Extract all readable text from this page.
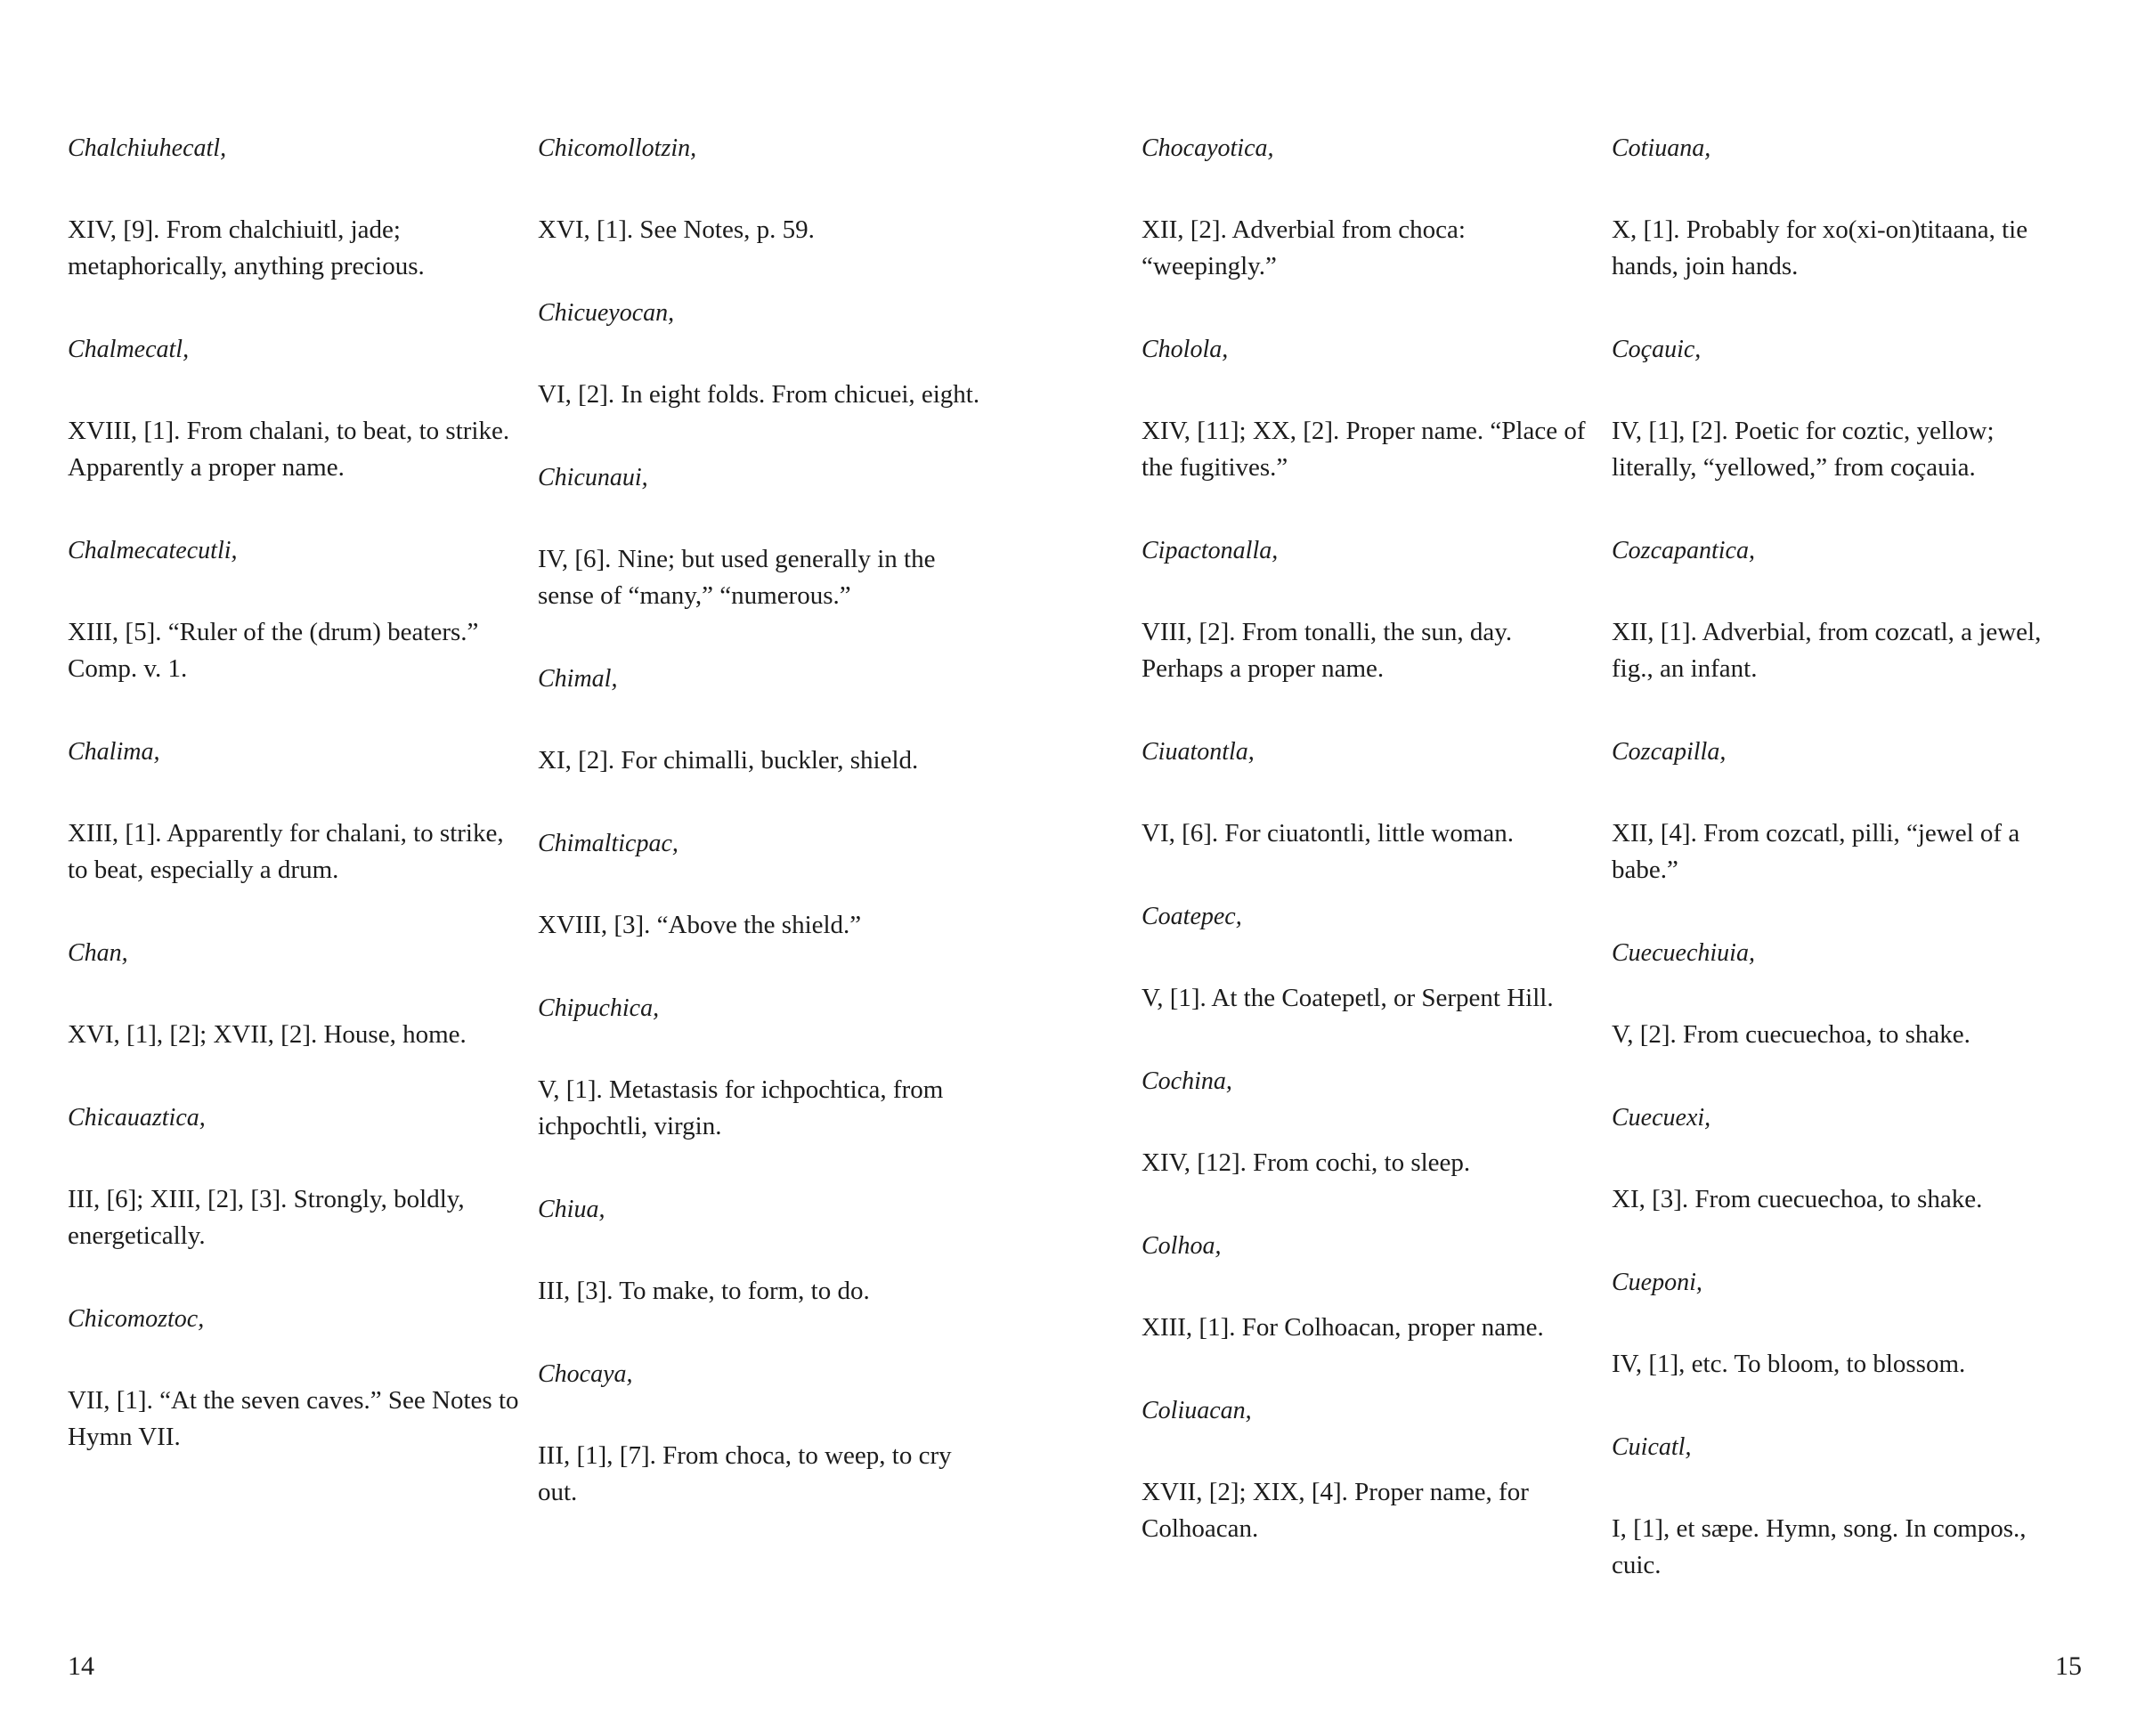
Chalchiuhecatl,

XIV, [9]. From chalchiuitl, jade; metaphorically, anything precious.

Chalmecatl,

XVIII, [1]. From chalani, to beat, to strike. Apparently a proper name.

Chalmecatecutli,

XIII, [5]. “Ruler of the (drum) beaters.” Comp. v. 1.

Chalima,

XIII, [1]. Apparently for chalani, to strike, to beat, especially a drum.

Chan,

XVI, [1], [2]; XVII, [2]. House, home.

Chicauaztica,

III, [6]; XIII, [2], [3]. Strongly, boldly, energetically.

Chicomoztoc,

VII, [1]. “At the seven caves.” See Notes to Hymn VII.

Chicomollotzin,

XVI, [1]. See Notes, p. 59.

Chicueyocan,

VI, [2]. In eight folds. From chicuei, eight.

Chicunaui,

IV, [6]. Nine; but used generally in the sense of “many,” “numerous.”

Chimal,

XI, [2]. For chimalli, buckler, shield.

Chimalticpac,

XVIII, [3]. “Above the shield.”

Chipuchica,

V, [1]. Metastasis for ichpochtica, from ichpochtli, virgin.

Chiua,

III, [3]. To make, to form, to do.

Chocaya,

III, [1], [7]. From choca, to weep, to cry out.

Chocayotica,

XII, [2]. Adverbial from choca: “weepingly.”

Cholola,

XIV, [11]; XX, [2]. Proper name. “Place of the fugitives.”

Cipactonalla,

VIII, [2]. From tonalli, the sun, day. Perhaps a proper name.

Ciuatontla,

VI, [6]. For ciuatontli, little woman.

Coatepec,

V, [1]. At the Coatepetl, or Serpent Hill.

Cochina,

XIV, [12]. From cochi, to sleep.

Colhoa,

XIII, [1]. For Colhoacan, proper name.

Coliuacan,

XVII, [2]; XIX, [4]. Proper name, for Colhoacan.

Cotiuana,

X, [1]. Probably for xo(xi-on)titaana, tie hands, join hands.

Coçauic,

IV, [1], [2]. Poetic for coztic, yellow; literally, “yellowed,” from coçauia.

Cozcapantica,

XII, [1]. Adverbial, from cozcatl, a jewel, fig., an infant.

Cozcapilla,

XII, [4]. From cozcatl, pilli, “jewel of a babe.”

Cuecuechiuia,

V, [2]. From cuecuechoa, to shake.

Cuecuexi,

XI, [3]. From cuecuechoa, to shake.

Cueponi,

IV, [1], etc. To bloom, to blossom.

Cuicatl,

I, [1], et sæpe. Hymn, song. In compos., cuic.

14	15
